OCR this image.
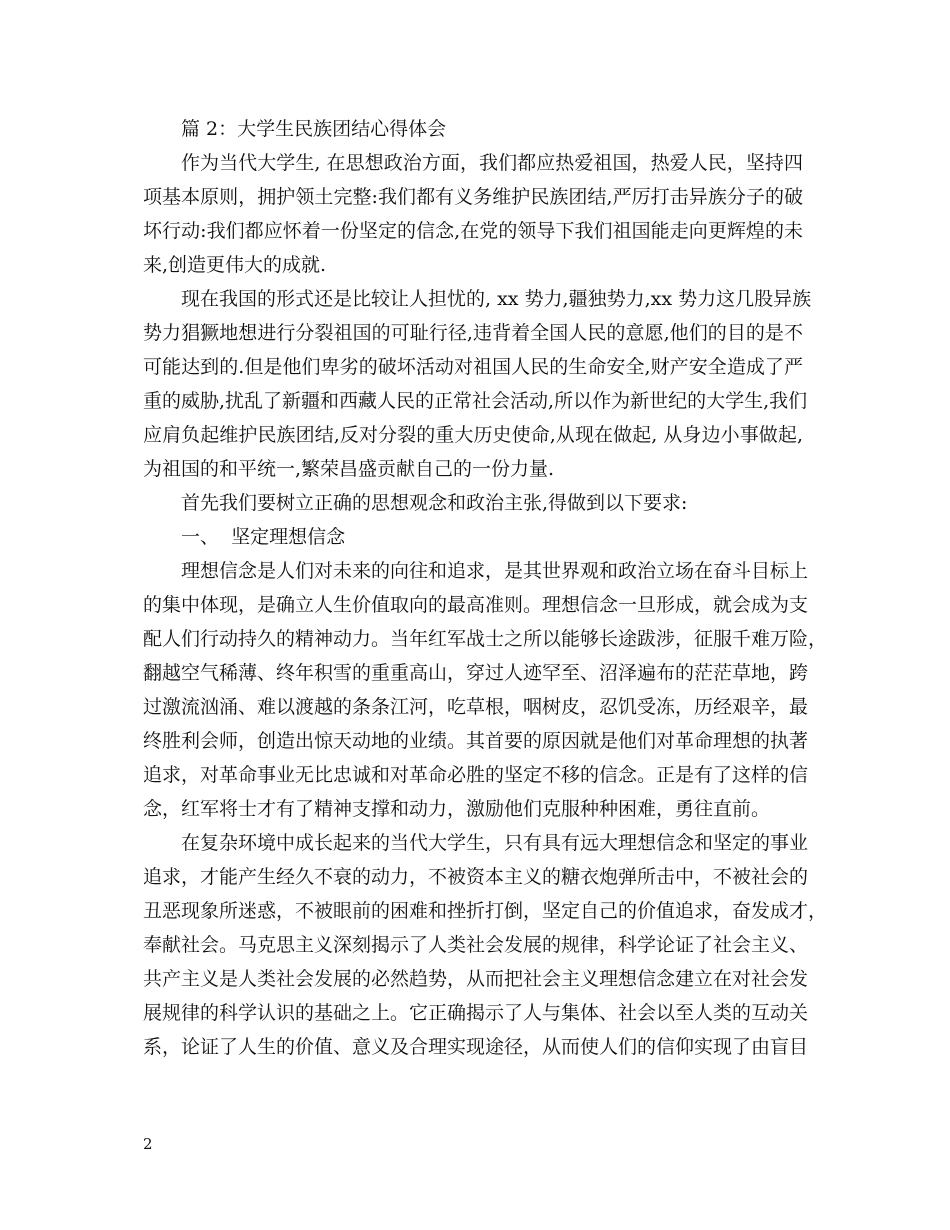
篇 2：大学生民族团结心得体会
作为当代大学生, 在思想政治方面，我们都应热爱祖国，热爱人民，坚持四
项基本原则，拥护领土完整:我们都有义务维护民族团结,严厉打击异族分子的破
坏行动:我们都应怀着一份坚定的信念,在党的领导下我们祖国能走向更辉煌的未
来,创造更伟大的成就.
现在我国的形式还是比较让人担忧的, xx 势力,疆独势力,xx 势力这几股异族
势力猖獗地想进行分裂祖国的可耻行径,违背着全国人民的意愿,他们的目的是不
可能达到的.但是他们卑劣的破坏活动对祖国人民的生命安全,财产安全造成了严
重的威胁,扰乱了新疆和西藏人民的正常社会活动,所以作为新世纪的大学生,我们
应肩负起维护民族团结,反对分裂的重大历史使命,从现在做起, 从身边小事做起,
为祖国的和平统一,繁荣昌盛贡献自己的一份力量.
首先我们要树立正确的思想观念和政治主张,得做到以下要求:
一、  坚定理想信念
理想信念是人们对未来的向往和追求，是其世界观和政治立场在奋斗目标上
的集中体现，是确立人生价值取向的最高准则。理想信念一旦形成，就会成为支
配人们行动持久的精神动力。当年红军战士之所以能够长途跋涉，征服千难万险，
翻越空气稀薄、终年积雪的重重高山，穿过人迹罕至、沼泽遍布的茫茫草地，跨
过激流汹涌、难以渡越的条条江河，吃草根，咽树皮，忍饥受冻，历经艰辛，最
终胜利会师，创造出惊天动地的业绩。其首要的原因就是他们对革命理想的执著
追求，对革命事业无比忠诚和对革命必胜的坚定不移的信念。正是有了这样的信
念，红军将士才有了精神支撑和动力，激励他们克服种种困难，勇往直前。
在复杂环境中成长起来的当代大学生，只有具有远大理想信念和坚定的事业
追求，才能产生经久不衰的动力，不被资本主义的糖衣炮弹所击中，不被社会的
丑恶现象所迷惑，不被眼前的困难和挫折打倒，坚定自己的价值追求，奋发成才，
奉献社会。马克思主义深刻揭示了人类社会发展的规律，科学论证了社会主义、
共产主义是人类社会发展的必然趋势，从而把社会主义理想信念建立在对社会发
展规律的科学认识的基础之上。它正确揭示了人与集体、社会以至人类的互动关
系，论证了人生的价值、意义及合理实现途径，从而使人们的信仰实现了由盲目
2
